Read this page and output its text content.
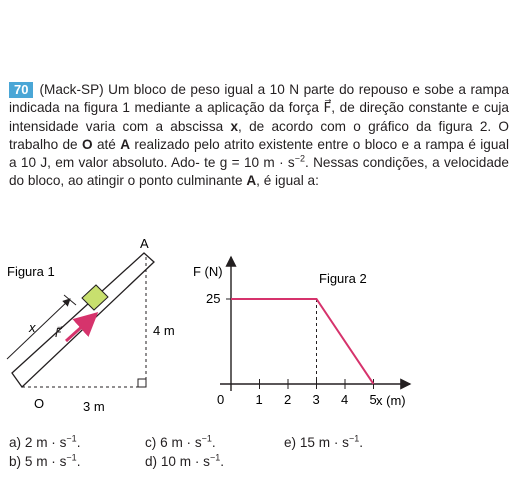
70 (Mack-SP) Um bloco de peso igual a 10 N parte do repouso e sobe a rampa indicada na figura 1 mediante a aplicação da força F⃗, de direção constante e cuja intensidade varia com a abscissa x, de acordo com o gráfico da figura 2. O trabalho de O até A realizado pelo atrito existente entre o bloco e a rampa é igual a 10 J, em valor absoluto. Ado- te g = 10 $m \cdot s^{-2}$. Nessas condições, a velocidade do bloco, ao atingir o ponto culminante A, é igual a:
Figura 1
A
F⃗
x	4 m
O	3 m
F (N)	Figura 2
25
0 1 2 3 4 5 x (m)
a) 2 $m \cdot s^{-1}$.
b) 5 $m \cdot s^{-1}$.
c) 6 $m \cdot s^{-1}$.
d) 10 $m \cdot s^{-1}$.
e) 15 $m \cdot s^{-1}$.
